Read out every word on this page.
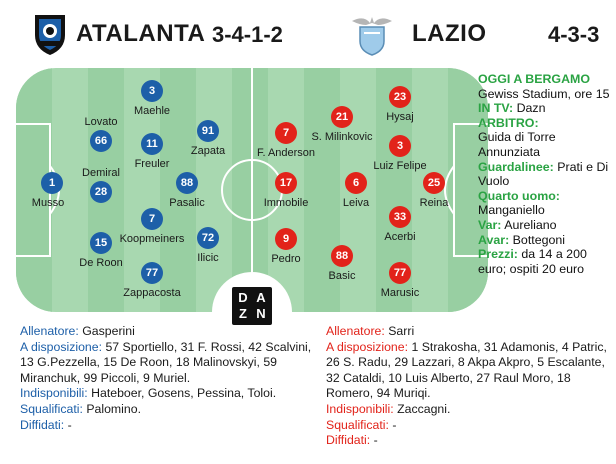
ATALANTA 3-4-1-2	LAZIO	4-3-3
D A
Z N
1
Musso
Lovato
66
Demiral
28
15
De Roon
3
Maehle
11
Freuler
7
Koopmeiners
77
Zappacosta
88
Pasalic
91
Zapata
72
Ilicic
25
Reina
23
Hysaj
3
Luiz Felipe
33
Acerbi
77
Marusic
21
S. Milinkovic
6
Leiva
88
Basic
7
F. Anderson
17
Immobile
9
Pedro
OGGI A BERGAMO
Gewiss Stadium, ore 15
IN TV: Dazn
ARBITRO:
Guida di Torre Annunziata
Guardalinee: Prati e Di Vuolo
Quarto uomo:
Manganiello
Var: Aureliano
Avar: Bottegoni
Prezzi: da 14 a 200 euro; ospiti 20 euro

Allenatore: Gasperini

A disposizione: 57 Sportiello, 31 F. Rossi, 42 Scalvini, 13 G.Pezzella, 15 De Roon, 18 Malinovskyi, 59 Miranchuk, 99 Piccoli, 9 Muriel.

Indisponibili: Hateboer, Gosens, Pessina, Toloi.

Squalificati: Palomino.

Diffidati: -

Allenatore: Sarri

A disposizione: 1 Strakosha, 31 Adamonis, 4 Patric, 26 S. Radu, 29 Lazzari, 8 Akpa Akpro, 5 Escalante, 32 Cataldi, 10 Luis Alberto, 27 Raul Moro, 18 Romero, 94 Muriqi.

Indisponibili: Zaccagni.

Squalificati: -

Diffidati: -
